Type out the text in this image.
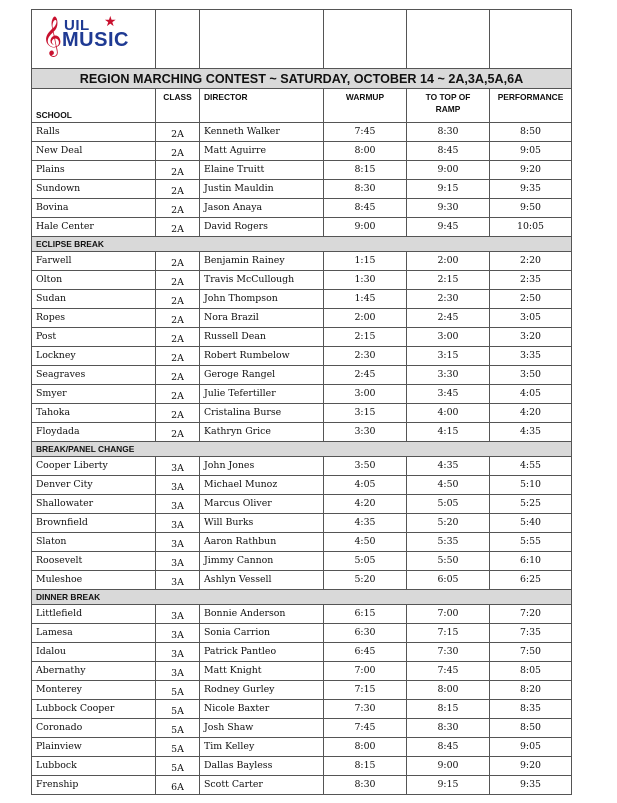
𝄞 UIL ★
MUSIC					

REGION MARCHING CONTEST ~ SATURDAY, OCTOBER 14 ~ 2A,3A,5A,6A					
SCHOOL	CLASS	DIRECTOR	WARMUP	TO TOP OF RAMP	PERFORMANCE
Ralls	2A	Kenneth Walker	7:45	8:30	8:50
New Deal	2A	Matt Aguirre	8:00	8:45	9:05
Plains	2A	Elaine Truitt	8:15	9:00	9:20
Sundown	2A	Justin Mauldin	8:30	9:15	9:35
Bovina	2A	Jason Anaya	8:45	9:30	9:50
Hale Center	2A	David Rogers	9:00	9:45	10:05
ECLIPSE BREAK					
Farwell	2A	Benjamin Rainey	1:15	2:00	2:20
Olton	2A	Travis McCullough	1:30	2:15	2:35
Sudan	2A	John Thompson	1:45	2:30	2:50
Ropes	2A	Nora Brazil	2:00	2:45	3:05
Post	2A	Russell Dean	2:15	3:00	3:20
Lockney	2A	Robert Rumbelow	2:30	3:15	3:35
Seagraves	2A	Geroge Rangel	2:45	3:30	3:50
Smyer	2A	Julie Tefertiller	3:00	3:45	4:05
Tahoka	2A	Cristalina Burse	3:15	4:00	4:20
Floydada	2A	Kathryn Grice	3:30	4:15	4:35
BREAK/PANEL CHANGE					
Cooper Liberty	3A	John Jones	3:50	4:35	4:55
Denver City	3A	Michael Munoz	4:05	4:50	5:10
Shallowater	3A	Marcus Oliver	4:20	5:05	5:25
Brownfield	3A	Will Burks	4:35	5:20	5:40
Slaton	3A	Aaron Rathbun	4:50	5:35	5:55
Roosevelt	3A	Jimmy Cannon	5:05	5:50	6:10
Muleshoe	3A	Ashlyn Vessell	5:20	6:05	6:25
DINNER BREAK					
Littlefield	3A	Bonnie Anderson	6:15	7:00	7:20
Lamesa	3A	Sonia Carrion	6:30	7:15	7:35
Idalou	3A	Patrick Pantleo	6:45	7:30	7:50
Abernathy	3A	Matt Knight	7:00	7:45	8:05
Monterey	5A	Rodney Gurley	7:15	8:00	8:20
Lubbock Cooper	5A	Nicole Baxter	7:30	8:15	8:35
Coronado	5A	Josh Shaw	7:45	8:30	8:50
Plainview	5A	Tim Kelley	8:00	8:45	9:05
Lubbock	5A	Dallas Bayless	8:15	9:00	9:20
Frenship	6A	Scott Carter	8:30	9:15	9:35
